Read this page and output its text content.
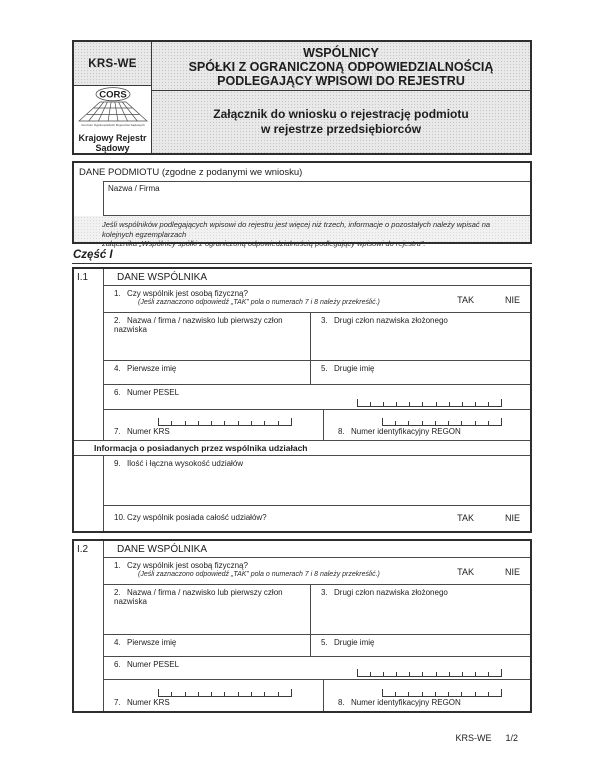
KRS-WE
CORS
Centrum Ogólnopolskich Rejestrów Sądowych
Krajowy Rejestr
Sądowy
WSPÓLNICY
SPÓŁKI Z OGRANICZONĄ ODPOWIEDZIALNOŚCIĄ
PODLEGAJĄCY WPISOWI DO REJESTRU
Załącznik do wniosku o rejestrację podmiotu
w rejestrze przedsiębiorców
DANE PODMIOTU (zgodne z podanymi we wniosku)
Nazwa / Firma
Jeśli wspólników podlegających wpisowi do rejestru jest więcej niż trzech, informacje o pozostałych należy wpisać na kolejnych egzemplarzach
załącznika „Wspólnicy spółki z ograniczoną odpowiedzialnością podlegający wpisowi do rejestru”.
Część I
I.1	DANE WSPÓLNIKA
1. Czy wspólnik jest osobą fizyczną?
(Jeśli zaznaczono odpowiedź „TAK” pola o numerach 7 i 8 należy przekreślić.)	TAK	NIE
2. Nazwa / firma / nazwisko lub pierwszy człon nazwiska
3. Drugi człon nazwiska złożonego
4. Pierwsze imię	5. Drugie imię
6. Numer PESEL
7. Numer KRS	8. Numer identyfikacyjny REGON
Informacja o posiadanych przez wspólnika udziałach
9. Ilość i łączna wysokość udziałów
10. Czy wspólnik posiada całość udziałów?	TAK	NIE
I.2	DANE WSPÓLNIKA
1. Czy wspólnik jest osobą fizyczną?
(Jeśli zaznaczono odpowiedź „TAK” pola o numerach 7 i 8 należy przekreślić.)	TAK	NIE
2. Nazwa / firma / nazwisko lub pierwszy człon nazwiska
3. Drugi człon nazwiska złożonego
4. Pierwsze imię	5. Drugie imię
6. Numer PESEL
7. Numer KRS	8. Numer identyfikacyjny REGON
KRS-WE 1/2
